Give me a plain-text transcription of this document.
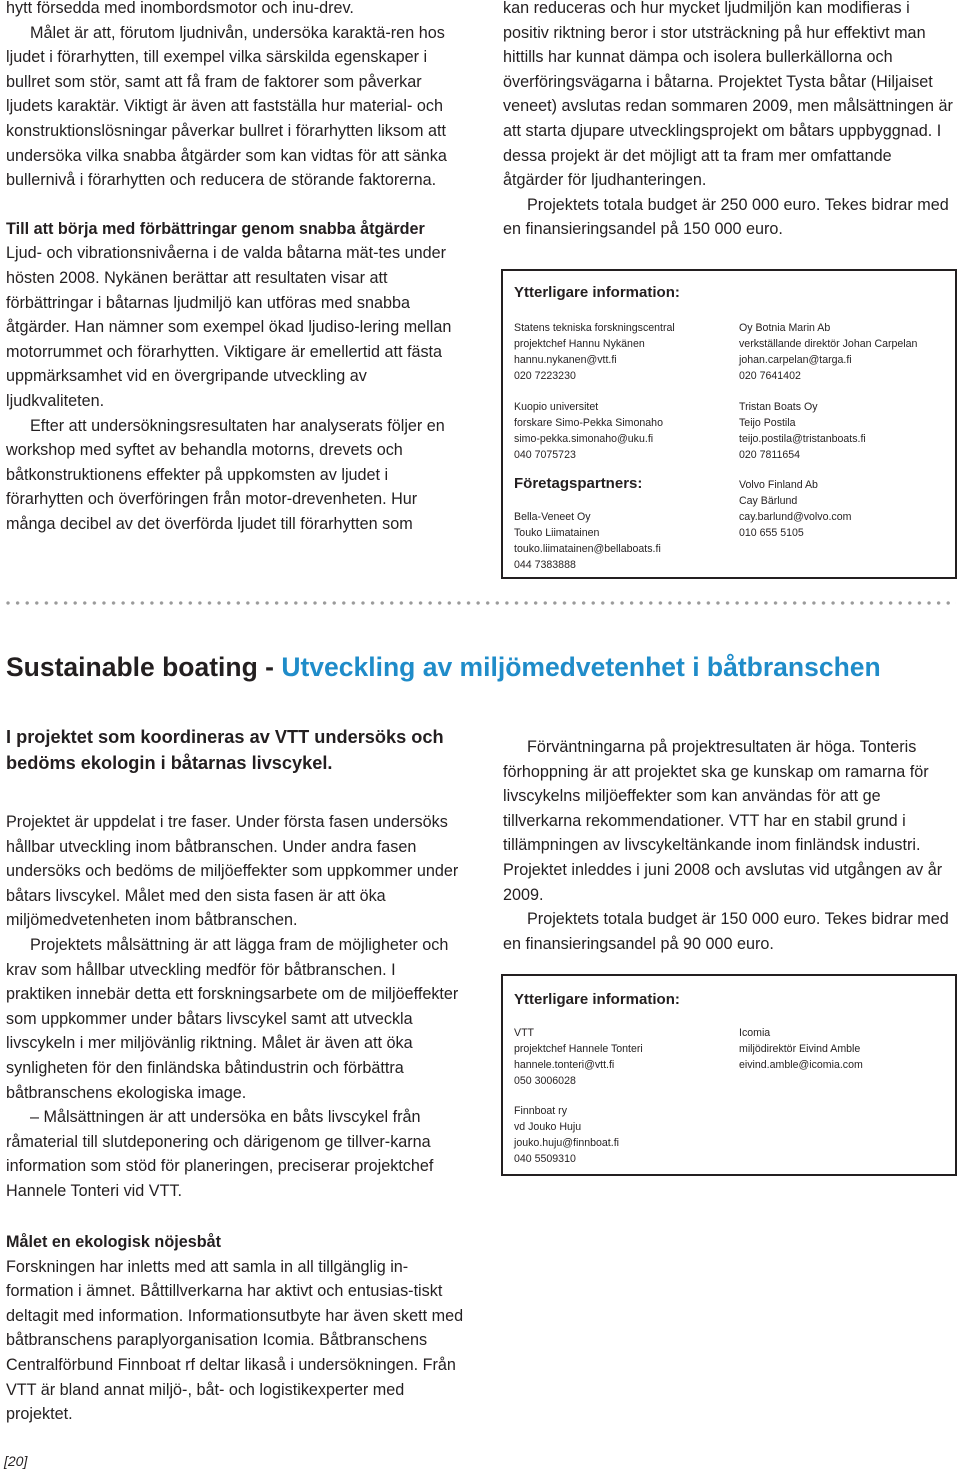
hytt försedda med inombordsmotor och inu-drev.

Målet är att, förutom ljudnivån, undersöka karaktä-ren hos ljudet i förarhytten, till exempel vilka särskilda egenskaper i bullret som stör, samt att få fram de faktorer som påverkar ljudets karaktär. Viktigt är även att fastställa hur material- och konstruktionslösningar påverkar bullret i förarhytten liksom att undersöka vilka snabba åtgärder som kan vidtas för att sänka bullernivå i förarhytten och reducera de störande faktorerna.

Till att börja med förbättringar genom snabba åtgärder

Ljud- och vibrationsnivåerna i de valda båtarna mät-tes under hösten 2008. Nykänen berättar att resultaten visar att förbättringar i båtarnas ljudmiljö kan utföras med snabba åtgärder. Han nämner som exempel ökad ljudiso-lering mellan motorrummet och förarhytten. Viktigare är emellertid att fästa uppmärksamhet vid en övergripande utveckling av ljudkvaliteten.

Efter att undersökningsresultaten har analyserats följer en workshop med syftet av behandla motorns, drevets och båtkonstruktionens effekter på uppkomsten av ljudet i förarhytten och överföringen från motor-drevenheten. Hur många decibel av det överförda ljudet till förarhytten som

kan reduceras och hur mycket ljudmiljön kan modifieras i positiv riktning beror i stor utsträckning på hur effektivt man hittills har kunnat dämpa och isolera bullerkällorna och överföringsvägarna i båtarna. Projektet Tysta båtar (Hiljaiset veneet) avslutas redan sommaren 2009, men målsättningen är att starta djupare utvecklingsprojekt om båtars uppbyggnad. I dessa projekt är det möjligt att ta fram mer omfattande åtgärder för ljudhanteringen.

Projektets totala budget är 250 000 euro. Tekes bidrar med en finansieringsandel på 150 000 euro.

Ytterligare information:
Statens tekniska forskningscentral
projektchef Hannu Nykänen
hannu.nykanen@vtt.fi
020 7223230
Oy Botnia Marin Ab
verkställande direktör Johan Carpelan
johan.carpelan@targa.fi
020 7641402
Kuopio universitet
forskare Simo-Pekka Simonaho
simo-pekka.simonaho@uku.fi
040 7075723
Tristan Boats Oy
Teijo Postila
teijo.postila@tristanboats.fi
020 7811654
Företagspartners:	Volvo Finland Ab
Cay Bärlund
cay.barlund@volvo.com
010 655 5105
Bella-Veneet Oy
Touko Liimatainen
touko.liimatainen@bellaboats.fi
044 7383888
Sustainable boating - Utveckling av miljömedvetenhet i båtbranschen
I projektet som koordineras av VTT undersöks och bedöms ekologin i båtarnas livscykel.

Projektet är uppdelat i tre faser. Under första fasen undersöks hållbar utveckling inom båtbranschen. Under andra fasen undersöks och bedöms de miljöeffekter som uppkommer under båtars livscykel. Målet med den sista fasen är att öka miljömedvetenheten inom båtbranschen.

Projektets målsättning är att lägga fram de möjligheter och krav som hållbar utveckling medför för båtbranschen. I praktiken innebär detta ett forskningsarbete om de miljöeffekter som uppkommer under båtars livscykel samt att utveckla livscykeln i mer miljövänlig riktning. Målet är även att öka synligheten för den finländska båtindustrin och förbättra båtbranschens ekologiska image.

– Målsättningen är att undersöka en båts livscykel från råmaterial till slutdeponering och därigenom ge tillver-karna information som stöd för planeringen, preciserar projektchef Hannele Tonteri vid VTT.

Målet en ekologisk nöjesbåt

Forskningen har inletts med att samla in all tillgänglig in-formation i ämnet. Båttillverkarna har aktivt och entusias-tiskt deltagit med information. Informationsutbyte har även skett med båtbranschens paraplyorganisation Icomia. Båtbranschens Centralförbund Finnboat rf deltar likaså i undersökningen. Från VTT är bland annat miljö-, båt- och logistikexperter med projektet.

Förväntningarna på projektresultaten är höga. Tonteris förhoppning är att projektet ska ge kunskap om ramarna för livscykelns miljöeffekter som kan användas för att ge tillverkarna rekommendationer. VTT har en stabil grund i tillämpningen av livscykeltänkande inom finländsk industri. Projektet inleddes i juni 2008 och avslutas vid utgången av år 2009.

Projektets totala budget är 150 000 euro. Tekes bidrar med en finansieringsandel på 90 000 euro.

Ytterligare information:
VTT
projektchef Hannele Tonteri
hannele.tonteri@vtt.fi
050 3006028
Icomia
miljödirektör Eivind Amble
eivind.amble@icomia.com
Finnboat ry
vd Jouko Huju
jouko.huju@finnboat.fi
040 5509310
[20]
